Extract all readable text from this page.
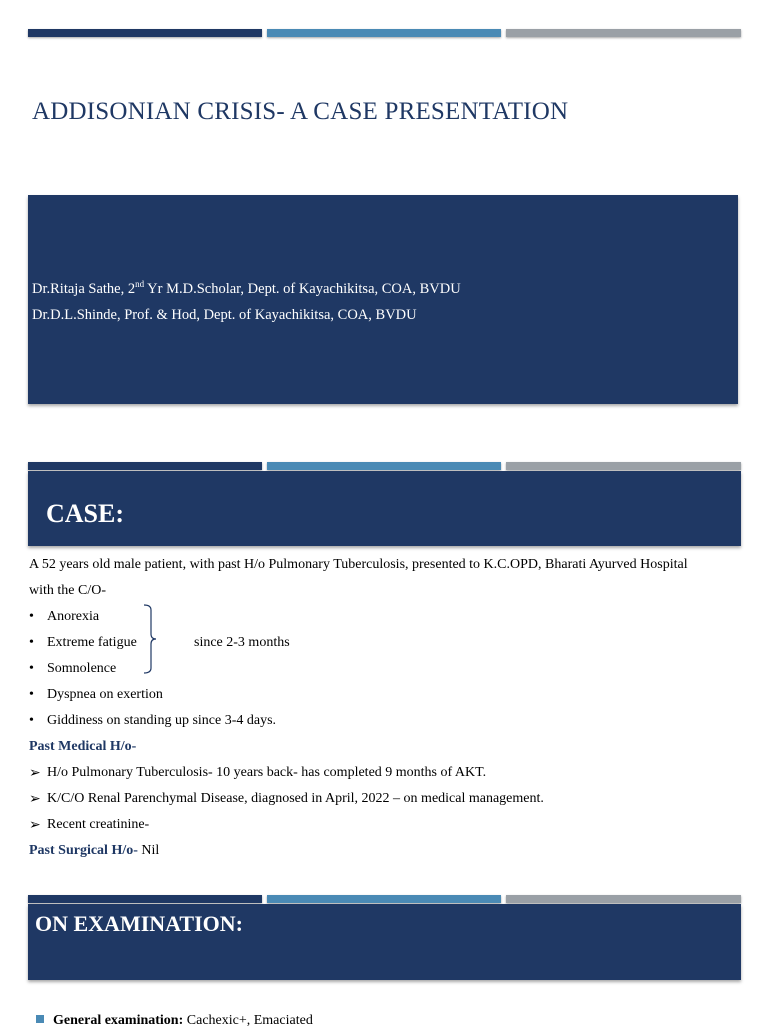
ADDISONIAN CRISIS- A CASE PRESENTATION
Dr.Ritaja Sathe, 2nd Yr M.D.Scholar, Dept. of Kayachikitsa, COA, BVDU
Dr.D.L.Shinde, Prof. & Hod, Dept. of Kayachikitsa, COA, BVDU
CASE:
A 52 years old male patient, with past H/o Pulmonary Tuberculosis, presented to K.C.OPD, Bharati Ayurved Hospital
with the C/O-
• Anorexia
• Extreme fatigue
• Somnolence
since 2-3 months
• Dyspnea on exertion
• Giddiness on standing up since 3-4 days.
Past Medical H/o-
➢ H/o Pulmonary Tuberculosis- 10 years back- has completed 9 months of AKT.
➢ K/C/O Renal Parenchymal Disease, diagnosed in April, 2022 – on medical management.
➢ Recent creatinine-
Past Surgical H/o- Nil
ON EXAMINATION:
General examination: Cachexic+, Emaciated
